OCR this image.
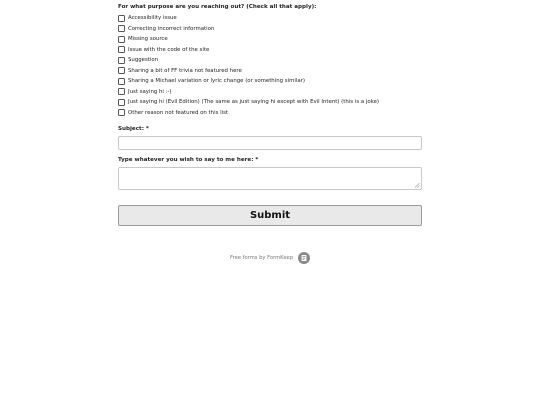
For what purpose are you reaching out? (Check all that apply):
Accessibility issue
Correcting incorrect information
Missing source
Issue with the code of the site
Suggestion
Sharing a bit of FF trivia not featured here
Sharing a Michael variation or lyric change (or something similar)
Just saying hi :-)
Just saying hi (Evil Edition) (The same as just saying hi except with Evil Intent) (this is a joke)
Other reason not featured on this list
Subject: *
Type whatever you wish to say to me here: *
Submit
Free forms by FormKeep
